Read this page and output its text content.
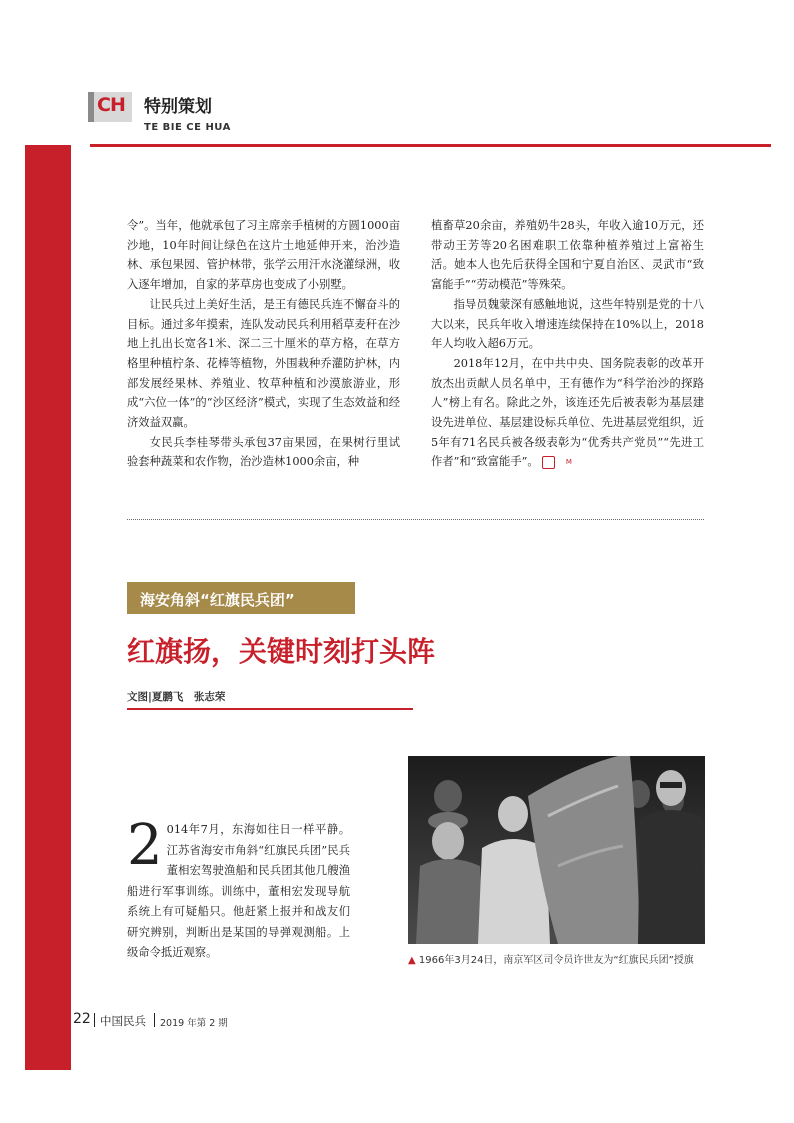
CH 特别策划
TE BIE CE HUA

令”。当年，他就承包了习主席亲手植树的方圆1000亩沙地，10年时间让绿色在这片土地延伸开来，治沙造林、承包果园、管护林带，张学云用汗水浇灌绿洲，收入逐年增加，自家的茅草房也变成了小别墅。

让民兵过上美好生活，是王有德民兵连不懈奋斗的目标。通过多年摸索，连队发动民兵利用稻草麦秆在沙地上扎出长宽各1米、深二三十厘米的草方格，在草方格里种植柠条、花棒等植物，外围栽种乔灌防护林，内部发展经果林、养殖业、牧草种植和沙漠旅游业，形成“六位一体”的“沙区经济”模式，实现了生态效益和经济效益双赢。

女民兵李桂琴带头承包37亩果园，在果树行里试验套种蔬菜和农作物，治沙造林1000余亩，种

植畜草20余亩，养殖奶牛28头，年收入逾10万元，还带动王芳等20名困难职工依靠种植养殖过上富裕生活。她本人也先后获得全国和宁夏自治区、灵武市“致富能手”“劳动模范”等殊荣。

指导员魏蒙深有感触地说，这些年特别是党的十八大以来，民兵年收入增速连续保持在10%以上，2018年人均收入超6万元。

2018年12月，在中共中央、国务院表彰的改革开放杰出贡献人员名单中，王有德作为“科学治沙的探路人”榜上有名。除此之外，该连还先后被表彰为基层建设先进单位、基层建设标兵单位、先进基层党组织，近5年有71名民兵被各级表彰为“优秀共产党员”“先进工作者”和“致富能手”。	M

海安角斜“红旗民兵团”
红旗扬，关键时刻打头阵
文图|夏鹏飞　张志荣
2 014年7月，东海如往日一样平静。江苏省海安市角斜“红旗民兵团”民兵董相宏驾驶渔船和民兵团其他几艘渔船进行军事训练。训练中，董相宏发现导航系统上有可疑船只。他赶紧上报并和战友们研究辨别，判断出是某国的导弹观测船。上级命令抵近观察。
▲ 1966年3月24日，南京军区司令员许世友为“红旗民兵团”授旗
22 中国民兵 2019 年第 2 期
